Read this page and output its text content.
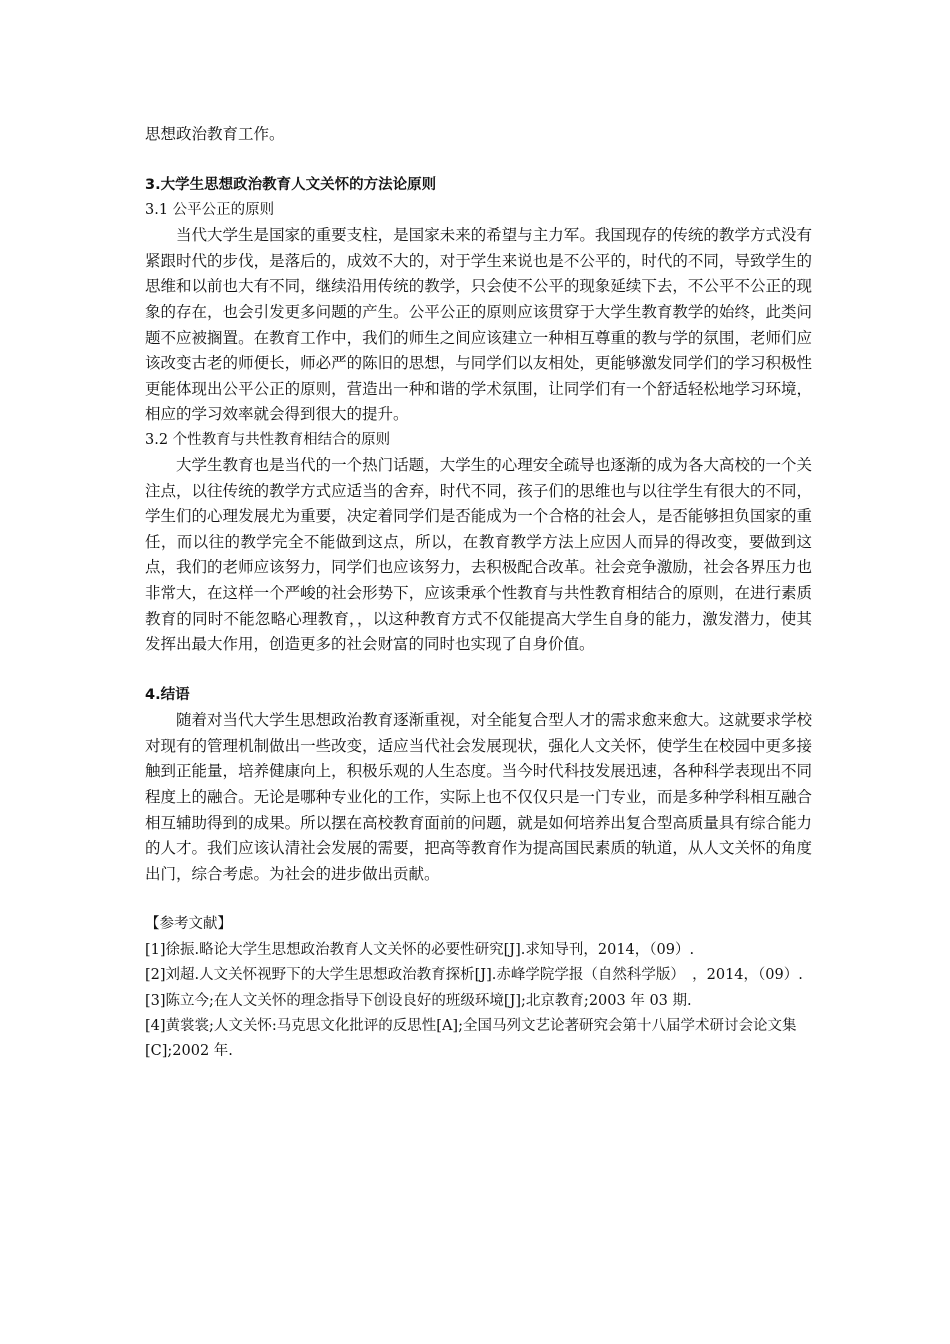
思想政治教育工作。

3.大学生思想政治教育人文关怀的方法论原则

3.1 公平公正的原则

当代大学生是国家的重要支柱，是国家未来的希望与主力军。我国现存的传统的教学方式没有紧跟时代的步伐，是落后的，成效不大的，对于学生来说也是不公平的，时代的不同，导致学生的思维和以前也大有不同，继续沿用传统的教学，只会使不公平的现象延续下去，不公平不公正的现象的存在，也会引发更多问题的产生。公平公正的原则应该贯穿于大学生教育教学的始终，此类问题不应被搁置。在教育工作中，我们的师生之间应该建立一种相互尊重的教与学的氛围，老师们应该改变古老的师便长，师必严的陈旧的思想，与同学们以友相处，更能够激发同学们的学习积极性更能体现出公平公正的原则，营造出一种和谐的学术氛围，让同学们有一个舒适轻松地学习环境，相应的学习效率就会得到很大的提升。

3.2 个性教育与共性教育相结合的原则

大学生教育也是当代的一个热门话题，大学生的心理安全疏导也逐渐的成为各大高校的一个关注点，以往传统的教学方式应适当的舍弃，时代不同，孩子们的思维也与以往学生有很大的不同，学生们的心理发展尤为重要，决定着同学们是否能成为一个合格的社会人，是否能够担负国家的重任，而以往的教学完全不能做到这点，所以，在教育教学方法上应因人而异的得改变，要做到这点，我们的老师应该努力，同学们也应该努力，去积极配合改革。社会竞争激励，社会各界压力也非常大，在这样一个严峻的社会形势下，应该秉承个性教育与共性教育相结合的原则，在进行素质教育的同时不能忽略心理教育，，以这种教育方式不仅能提高大学生自身的能力，激发潜力，使其发挥出最大作用，创造更多的社会财富的同时也实现了自身价值。

4.结语

随着对当代大学生思想政治教育逐渐重视，对全能复合型人才的需求愈来愈大。这就要求学校对现有的管理机制做出一些改变，适应当代社会发展现状，强化人文关怀，使学生在校园中更多接触到正能量，培养健康向上，积极乐观的人生态度。当今时代科技发展迅速，各种科学表现出不同程度上的融合。无论是哪种专业化的工作，实际上也不仅仅只是一门专业，而是多种学科相互融合相互辅助得到的成果。所以摆在高校教育面前的问题，就是如何培养出复合型高质量具有综合能力的人才。我们应该认清社会发展的需要，把高等教育作为提高国民素质的轨道，从人文关怀的角度出门，综合考虑。为社会的进步做出贡献。

【参考文献】

[1]徐振.略论大学生思想政治教育人文关怀的必要性研究[J].求知导刊，2014，（09）.

[2]刘超.人文关怀视野下的大学生思想政治教育探析[J].赤峰学院学报（自然科学版）　，2014，（09）.

[3]陈立今;在人文关怀的理念指导下创设良好的班级环境[J];北京教育;2003 年 03 期.

[4]黄裳裳;人文关怀:马克思文化批评的反思性[A];全国马列文艺论著研究会第十八届学术研讨会论文集[C];2002 年.
